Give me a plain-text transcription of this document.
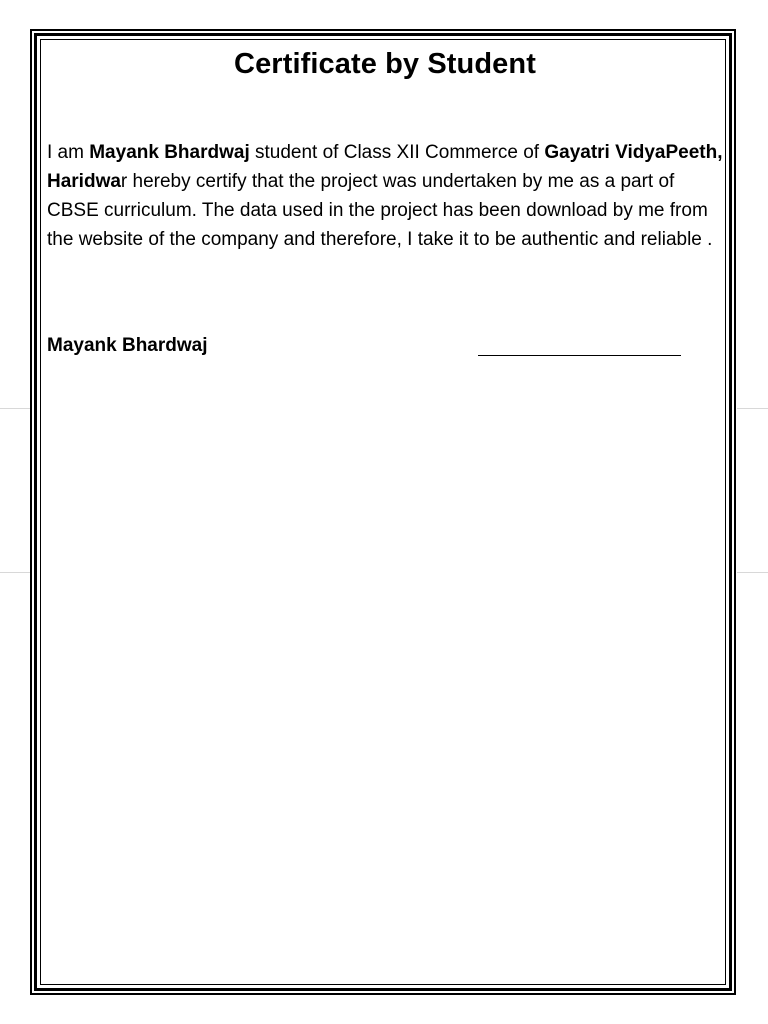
Certificate by Student

I am Mayank Bhardwaj student of Class XII Commerce of Gayatri VidyaPeeth, Haridwar hereby certify that the project was undertaken by me as a part of CBSE curriculum. The data used in the project has been download by me from the website of the company and therefore, I take it to be authentic and reliable .

Mayank Bhardwaj
